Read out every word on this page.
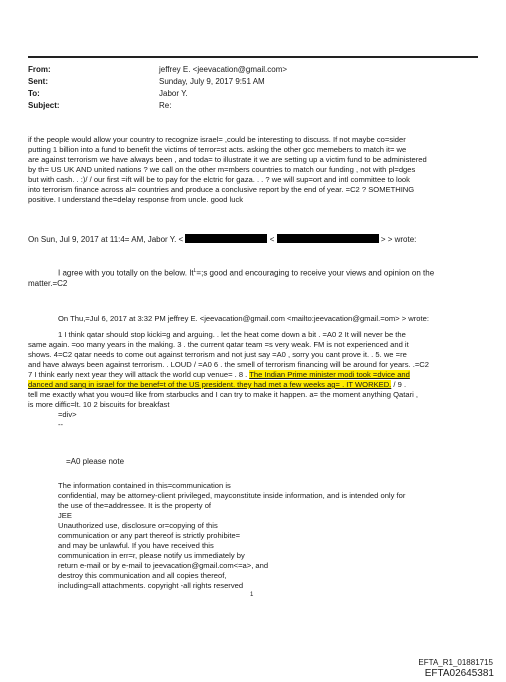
From:	jeffrey E. <jeevacation@gmail.com>
Sent:	Sunday, July 9, 2017 9:51 AM
To:	Jabor Y.
Subject:	Re:
if the people would allow your country to recognize israel= ,could be interesting to discuss. If not maybe co=sider
putting 1 billion into a fund to benefit the victims of terror=st acts. asking the other gcc memebers to match it= we
are against terrorism we have always been , and toda= to illustrate it we are setting up a victim fund to be administered
by th= US UK AND united nations ? we call on the other m=mbers countries to match our funding , not with pl=dges
but with cash. . :)/ / our first =ift will be to pay for the elctric for gaza. . . ? we will sup=ort and intl committee to look
into terrorism finance across al= countries and produce a conclusive report by the end of year. =C2 ? SOMETHING
positive. I understand the=delay response from uncle. good luck
On Sun, Jul 9, 2017 at 11:4= AM, Jabor Y. <	<	> > wrote:
I agree with you totally on the below. $It^L=;s$ good and encouraging to receive your views and opinion on the
matter.=C2
On Thu,=Jul 6, 2017 at 3:32 PM jeffrey E. <jeevacation@gmail.com <mailto:jeevacation@gmail.=om> > wrote:
1 I think qatar should stop kicki=g and arguing. . let the heat come down a bit . =A0 2 It will never be the
same again. =oo many years in the making. 3 . the current qatar team =s very weak. FM is not experienced and it
shows. 4=C2 qatar needs to come out against terrorism and not just say =A0 , sorry you cant prove it. . 5. we =re
and have always been against terrorism. . LOUD / =A0 6 . the smell of terrorism financing will be around for years. .=C2
7 I think early next year they will attack the world cup venue= . 8 . The Indian Prime minister modi took =dvice and
danced and sang in israel for the benef=t of the US president. they had met a few weeks ag= . IT WORKED. / 9 .
tell me exactly what you wou=d like from starbucks and I can try to make it happen. a= the moment anything Qatari ,
is more diffic=lt. 10 2 biscuits for breakfast
=div>
--
=A0 please note
The information contained in this=communication is
confidential, may be attorney-client privileged, mayconstitute inside information, and is intended only for
the use of the=addressee. It is the property of
JEE
Unauthorized use, disclosure or=copying of this
communication or any part thereof is strictly prohibite=
and may be unlawful. If you have received this
communication in err=r, please notify us immediately by
return e-mail or by e-mail to jeevacation@gmail.com<=a>, and
destroy this communication and all copies thereof,
including=all attachments. copyright -all rights reserved
1
EFTA_R1_01881715
EFTA02645381
